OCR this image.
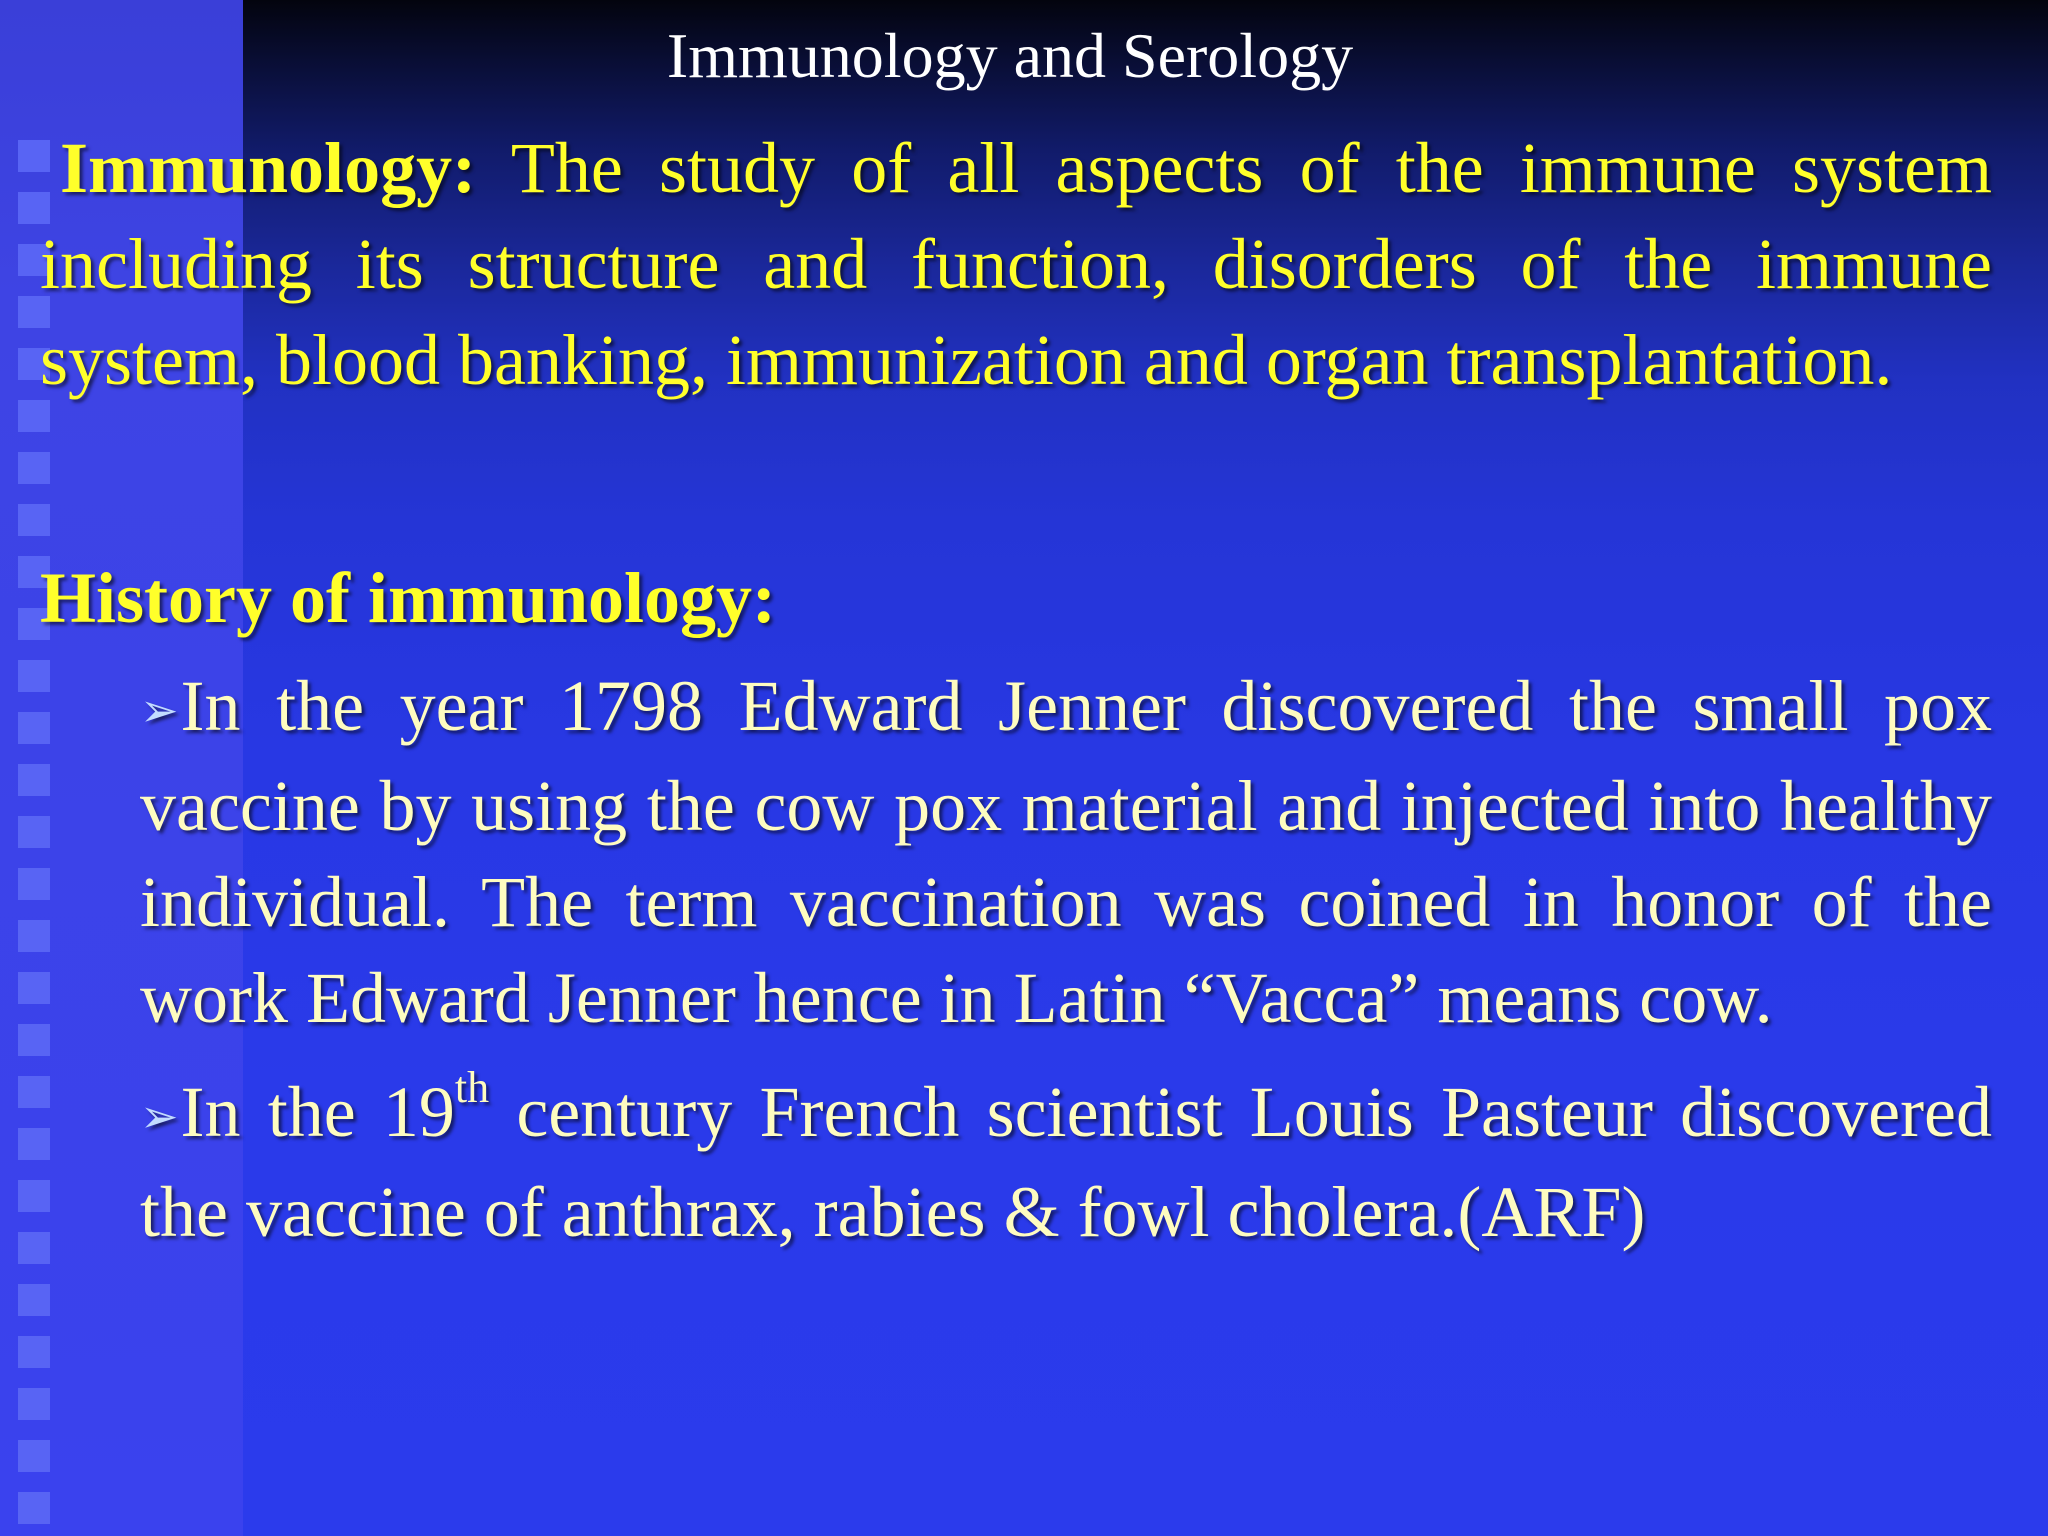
Immunology and Serology

Immunology: The study of all aspects of the immune system including its structure and function, disorders of the immune system, blood banking, immunization and organ transplantation.

History of immunology:

➢In the year 1798 Edward Jenner discovered the small pox vaccine by using the cow pox material and injected into healthy individual. The term vaccination was coined in honor of the work Edward Jenner hence in Latin “Vacca” means cow.

➢In the 19th century French scientist Louis Pasteur discovered the vaccine of anthrax, rabies & fowl cholera.(ARF)
